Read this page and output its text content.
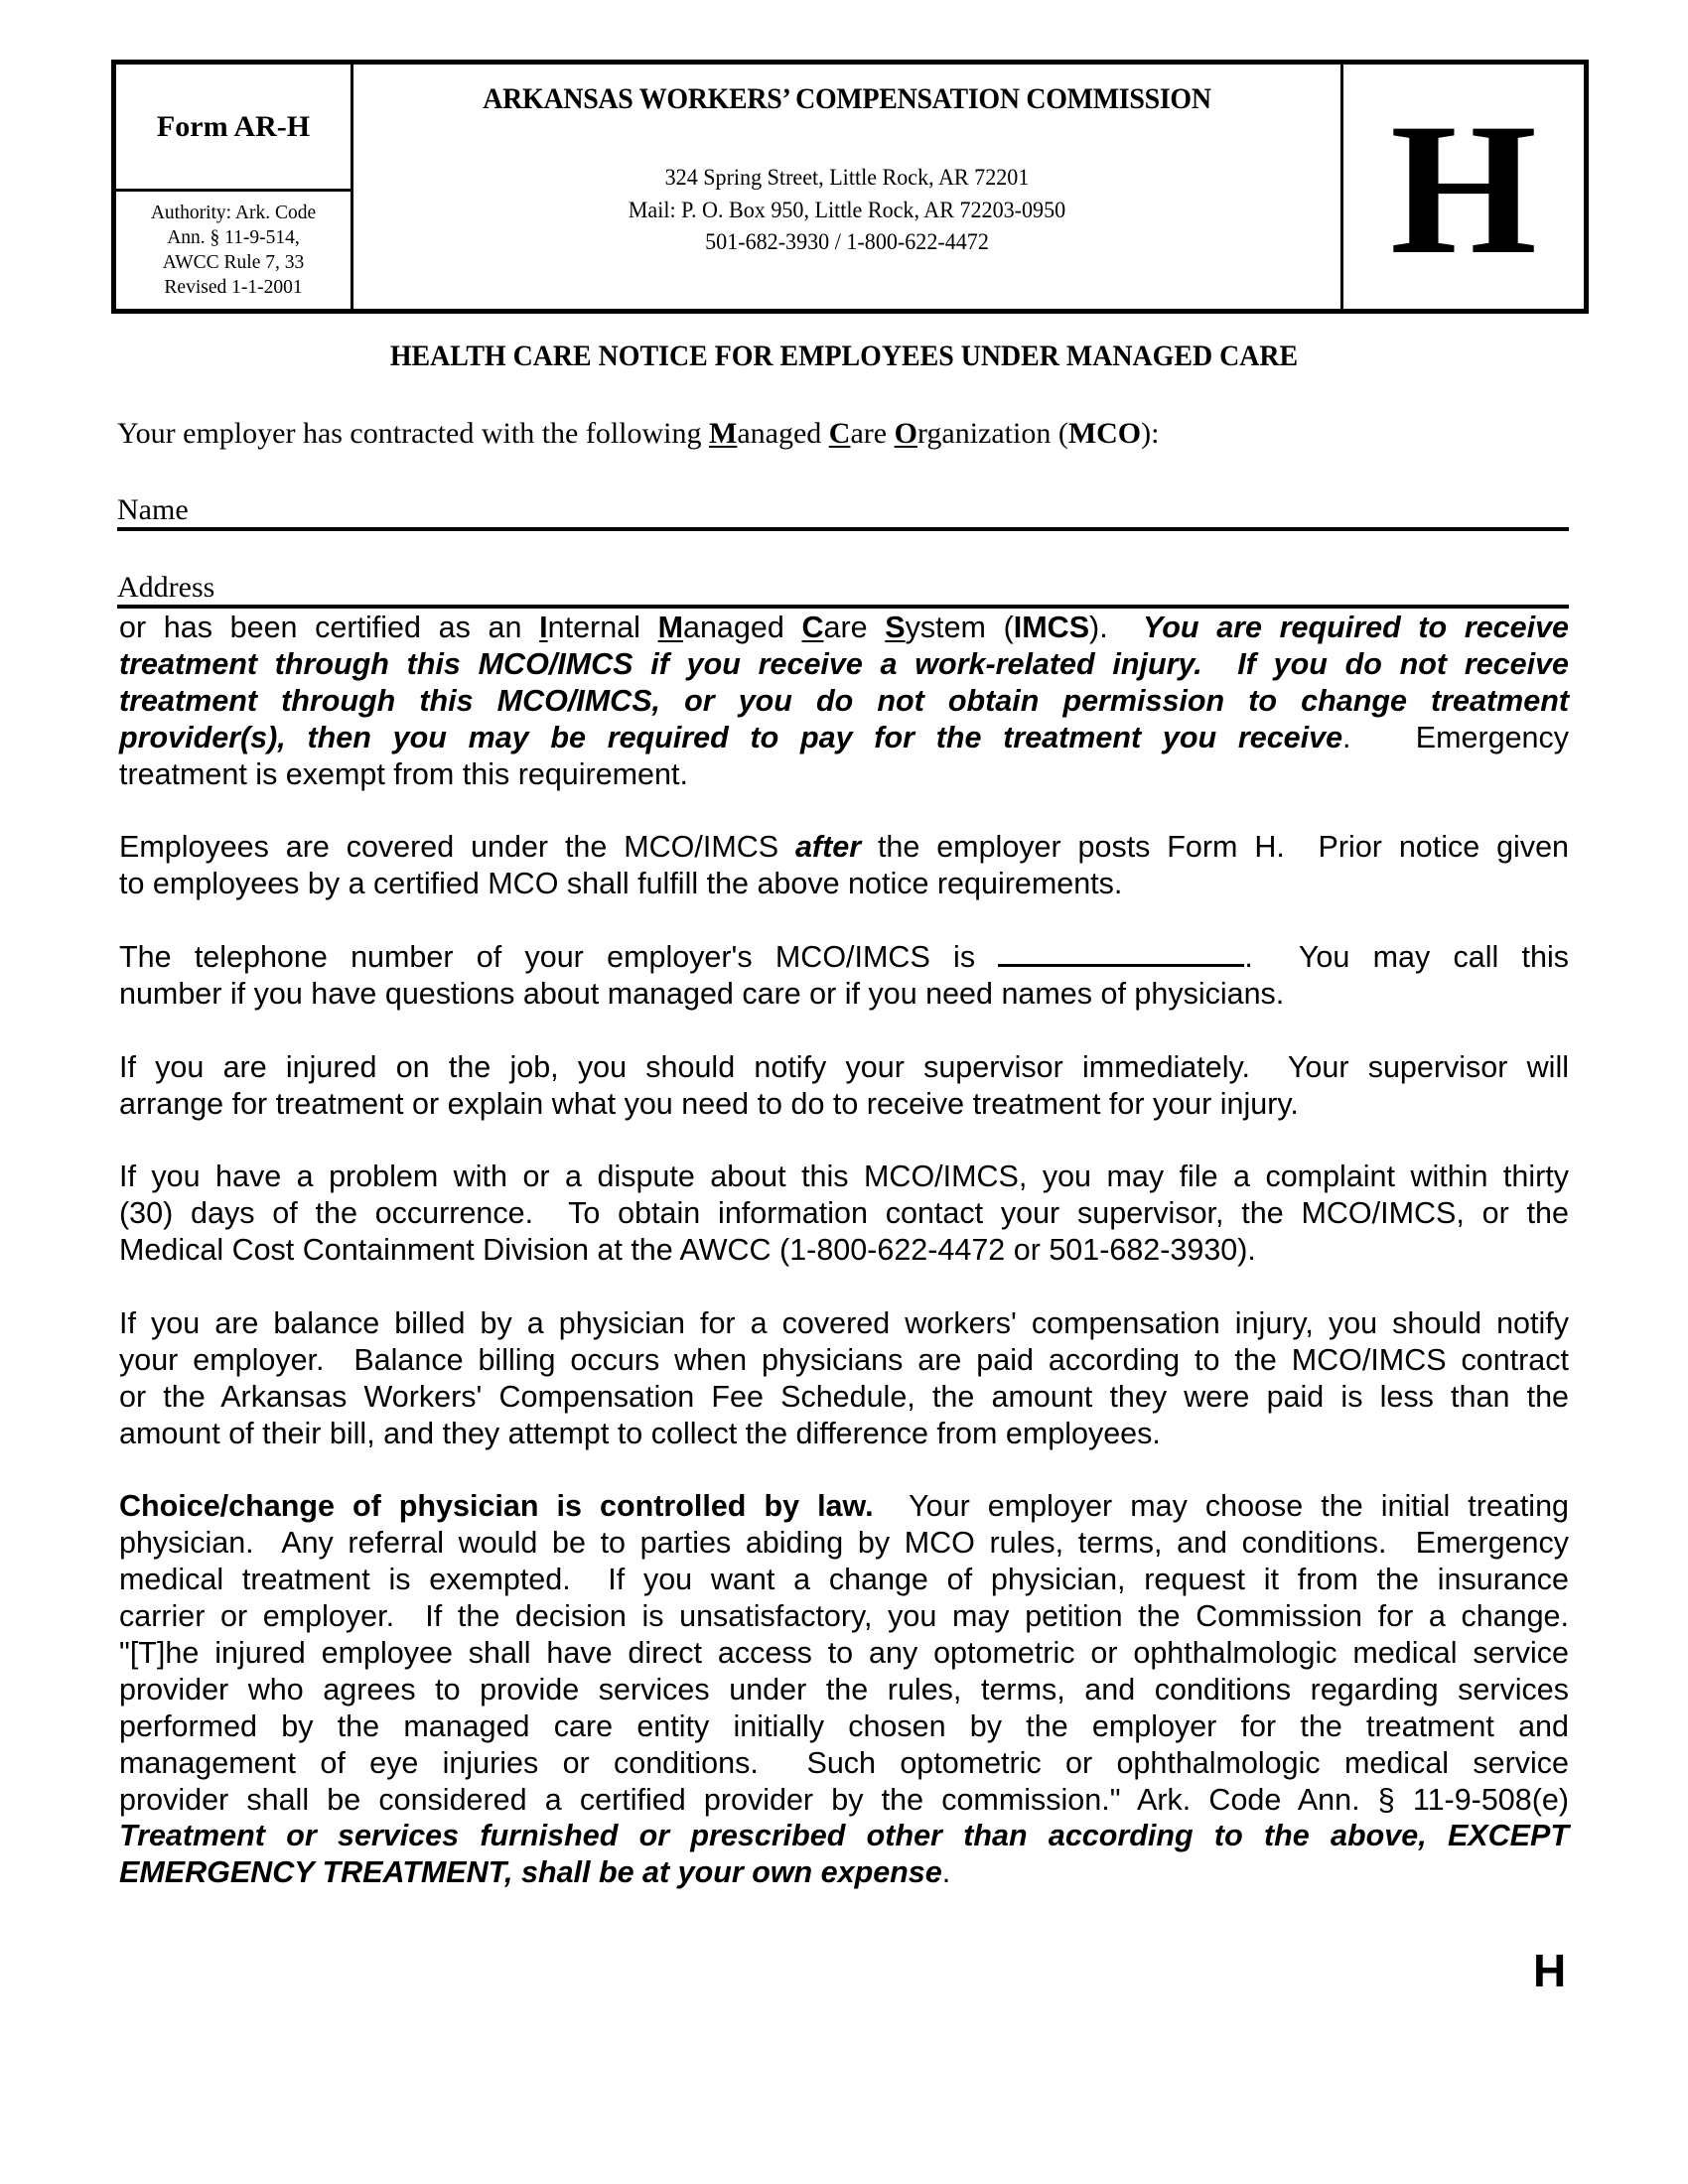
Form AR-H
Authority: Ark. Code
Ann. § 11-9-514,
AWCC Rule 7, 33
Revised 1-1-2001
ARKANSAS WORKERS’ COMPENSATION COMMISSION
324 Spring Street, Little Rock, AR 72201
Mail: P. O. Box 950, Little Rock, AR 72203-0950
501-682-3930 / 1-800-622-4472	H
HEALTH CARE NOTICE FOR EMPLOYEES UNDER MANAGED CARE
Your employer has contracted with the following Managed Care Organization (MCO):
Name
Address
or has been certified as an Internal Managed Care System (IMCS).  You are required to receive
treatment through this MCO/IMCS if you receive a work-related injury.  If you do not receive
treatment through this MCO/IMCS, or you do not obtain permission to change treatment
provider(s), then you may be required to pay for the treatment you receive.   Emergency
treatment is exempt from this requirement.
Employees are covered under the MCO/IMCS after the employer posts Form H.  Prior notice given
to employees by a certified MCO shall fulfill the above notice requirements.
The telephone number of your employer's MCO/IMCS is	.  You may call this
number if you have questions about managed care or if you need names of physicians.
If you are injured on the job, you should notify your supervisor immediately.  Your supervisor will
arrange for treatment or explain what you need to do to receive treatment for your injury.
If you have a problem with or a dispute about this MCO/IMCS, you may file a complaint within thirty
(30) days of the occurrence.  To obtain information contact your supervisor, the MCO/IMCS, or the
Medical Cost Containment Division at the AWCC (1-800-622-4472 or 501-682-3930).
If you are balance billed by a physician for a covered workers' compensation injury, you should notify
your employer.  Balance billing occurs when physicians are paid according to the MCO/IMCS contract
or the Arkansas Workers' Compensation Fee Schedule, the amount they were paid is less than the
amount of their bill, and they attempt to collect the difference from employees.
Choice/change of physician is controlled by law.  Your employer may choose the initial treating
physician.  Any referral would be to parties abiding by MCO rules, terms, and conditions.  Emergency
medical treatment is exempted.  If you want a change of physician, request it from the insurance
carrier or employer.  If the decision is unsatisfactory, you may petition the Commission for a change.
"[T]he injured employee shall have direct access to any optometric or ophthalmologic medical service
provider who agrees to provide services under the rules, terms, and conditions regarding services
performed by the managed care entity initially chosen by the employer for the treatment and
management of eye injuries or conditions.  Such optometric or ophthalmologic medical service
provider shall be considered a certified provider by the commission." Ark. Code Ann. § 11-9-508(e)
Treatment or services furnished or prescribed other than according to the above, EXCEPT
EMERGENCY TREATMENT, shall be at your own expense.
H
